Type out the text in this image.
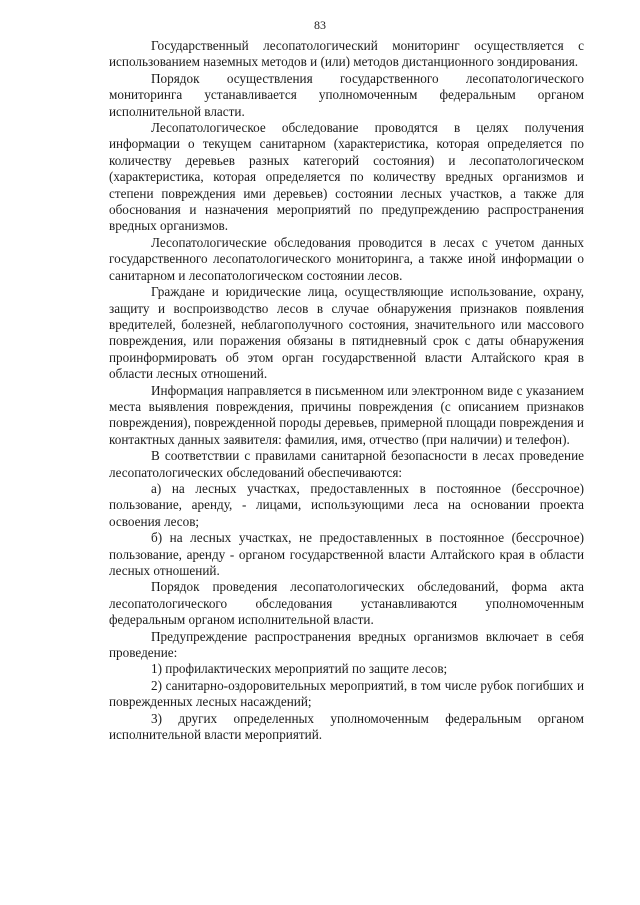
83

Государственный лесопатологический мониторинг осуществляется с использованием наземных методов и (или) методов дистанционного зондирования.

Порядок осуществления государственного лесопатологического мониторинга устанавливается уполномоченным федеральным органом исполнительной власти.

Лесопатологическое обследование проводятся в целях получения информации о текущем санитарном (характеристика, которая определяется по количеству деревьев разных категорий состояния) и лесопатологическом (характеристика, которая определяется по количеству вредных организмов и степени повреждения ими деревьев) состоянии лесных участков, а также для обоснования и назначения мероприятий по предупреждению распространения вредных организмов.

Лесопатологические обследования проводится в лесах с учетом данных государственного лесопатологического мониторинга, а также иной информации о санитарном и лесопатологическом состоянии лесов.

Граждане и юридические лица, осуществляющие использование, охрану, защиту и воспроизводство лесов в случае обнаружения признаков появления вредителей, болезней, неблагополучного состояния, значительного или массового повреждения, или поражения обязаны в пятидневный срок с даты обнаружения проинформировать об этом орган государственной власти Алтайского края в области лесных отношений.

Информация направляется в письменном или электронном виде с указанием места выявления повреждения, причины повреждения (с описанием признаков повреждения), поврежденной породы деревьев, примерной площади повреждения и контактных данных заявителя: фамилия, имя, отчество (при наличии) и телефон).

В соответствии с правилами санитарной безопасности в лесах проведение лесопатологических обследований обеспечиваются:

а) на лесных участках, предоставленных в постоянное (бессрочное) пользование, аренду, - лицами, использующими леса на основании проекта освоения лесов;

б) на лесных участках, не предоставленных в постоянное (бессрочное) пользование, аренду - органом государственной власти Алтайского края в области лесных отношений.

Порядок проведения лесопатологических обследований, форма акта лесопатологического обследования устанавливаются уполномоченным федеральным органом исполнительной власти.

Предупреждение распространения вредных организмов включает в себя проведение:

1) профилактических мероприятий по защите лесов;

2) санитарно-оздоровительных мероприятий, в том числе рубок погибших и поврежденных лесных насаждений;

3) других определенных уполномоченным федеральным органом исполнительной власти мероприятий.
